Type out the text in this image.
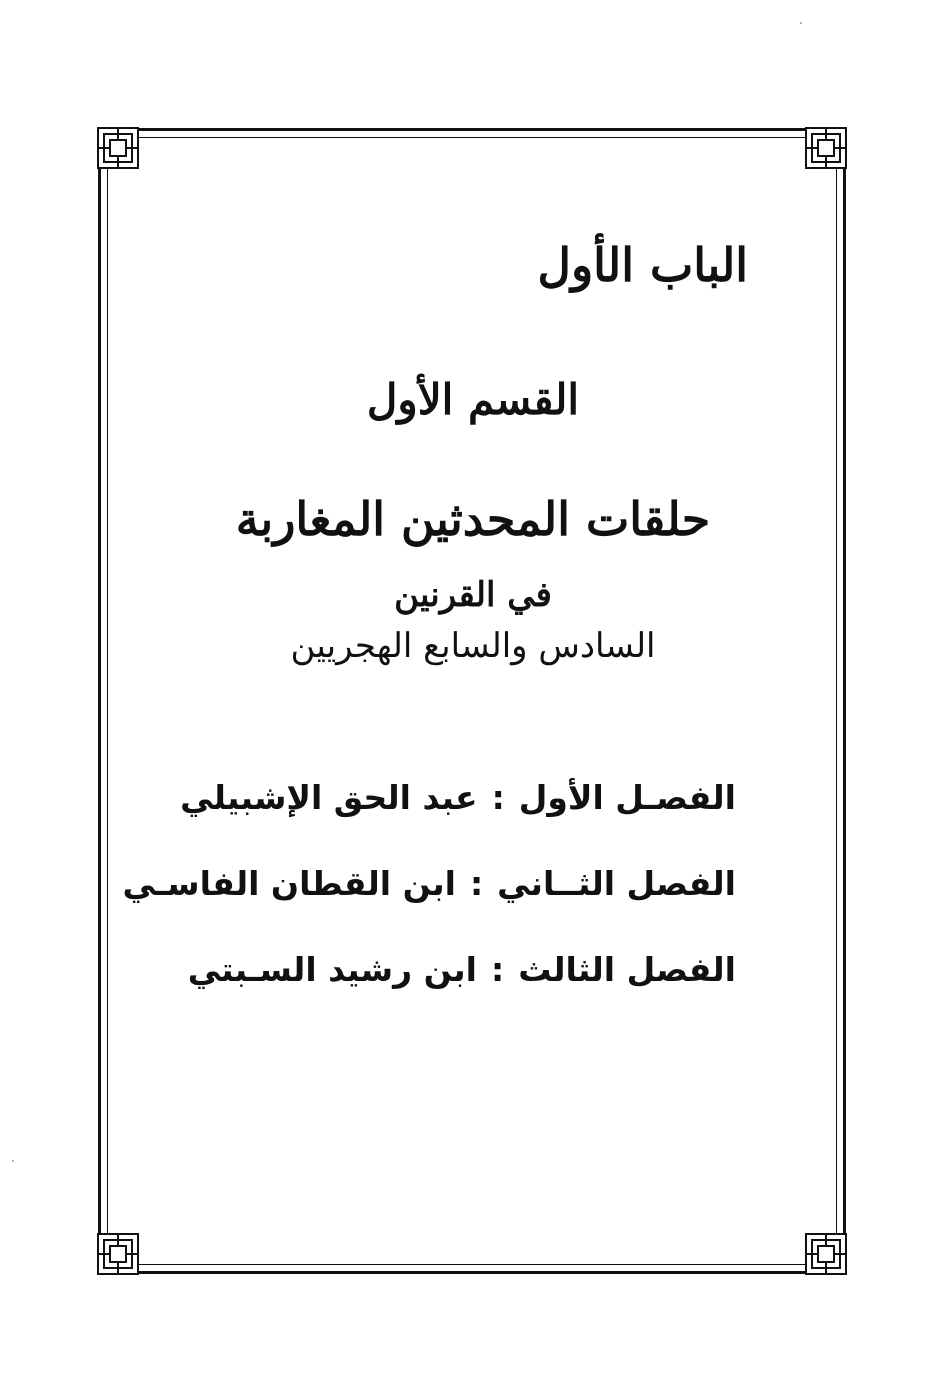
الباب الأول
القسم الأول
حلقات المحدثين المغاربة
في القرنين
السادس والسابع الهجريين
الفصـل الأول
:
عبد الحق الإشبيلي
الفصل الثــاني
:
ابن القطان الفاسـي
الفصل الثالث
:
ابن رشيد السـبتي
